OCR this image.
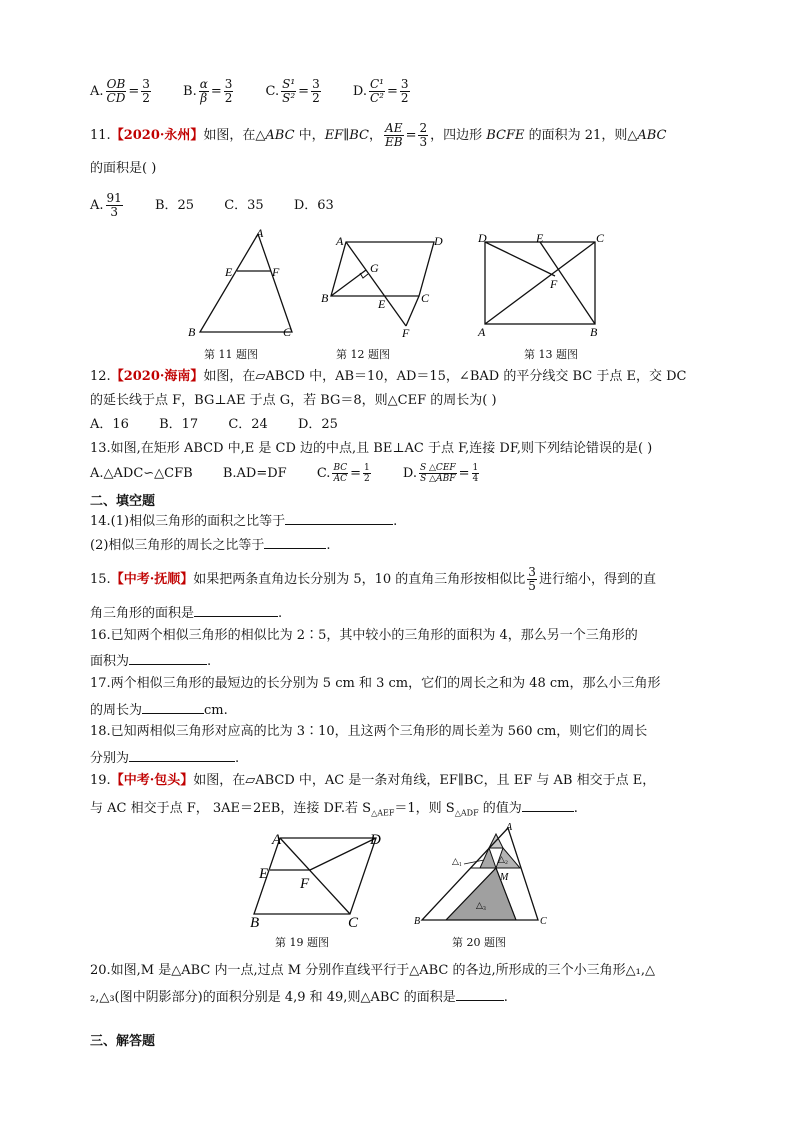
A. $\frac{OB}{CD} = \frac{3}{2} B$. $\frac{\alpha}{\beta} = \frac{3}{2} C$. $\frac{\text{S¹}}{\text{S²}} = \frac{3}{2} D$. $\frac{\text{C¹}}{\text{C²}} = \frac{3}{2}$
11.【2020·永州】如图，在△ABC 中，EF∥BC， $\frac{AE}{EB} = \frac{2}{3}$ ，四边形 BCFE 的面积为 21，则△ABC
的面积是( )
A. $\frac{91}{3}$ B．25 C．35 D．63
A
E	F
B	C
第 11 题图
A	D
B	C
G
E
F
第 12 题图
D	E	C
F
A	B
第 13 题图
12.【2020·海南】如图，在▱ABCD 中，AB＝10，AD＝15，∠BAD 的平分线交 BC 于点 E，交 DC
的延长线于点 F，BG⊥AE 于点 G，若 BG＝8，则△CEF 的周长为( )
A．16 B．17 C．24 D．25
13.如图,在矩形 ABCD 中,E 是 CD 边的中点,且 BE⊥AC 于点 F,连接 DF,则下列结论错误的是( )
A.△ADC∽△CFB B.AD=DF C. $\frac{BC}{AC} = \frac{1}{2} D$. $\frac{\text{S △CEF}}{\text{S △ABF}} = \frac{1}{4}$
二、填空题
14.(1)相似三角形的面积之比等于	.
(2)相似三角形的周长之比等于	.
15.【中考·抚顺】如果把两条直角边长分别为 5，10 的直角三角形按相似比 $\frac{3}{5}$ 进行缩小，得到的直
角三角形的面积是	.
16.已知两个相似三角形的相似比为 2∶5，其中较小的三角形的面积为 4，那么另一个三角形的
面积为	.
17.两个相似三角形的最短边的长分别为 5 cm 和 3 cm，它们的周长之和为 48 cm，那么小三角形
的周长为	cm.
18.已知两相似三角形对应高的比为 3∶10，且这两个三角形的周长差为 560 cm，则它们的周长
分别为	.
19.【中考·包头】如图，在▱ABCD 中，AC 是一条对角线，EF∥BC，且 EF 与 AB 相交于点 E，
与 AC 相交于点 F， 3AE＝2EB，连接 DF.若 $S_{\triangle AEF}=1$，则 $S_{\triangle ADF}$ 的值为	.
A	D
E
F
B	C
第 19 题图
A
△₁	△₂
M
△₃
B	C
第 20 题图
20.如图,M 是△ABC 内一点,过点 M 分别作直线平行于△ABC 的各边,所形成的三个小三角形△₁,△
₂,△₃(图中阴影部分)的面积分别是 4,9 和 49,则△ABC 的面积是	.
三、解答题
